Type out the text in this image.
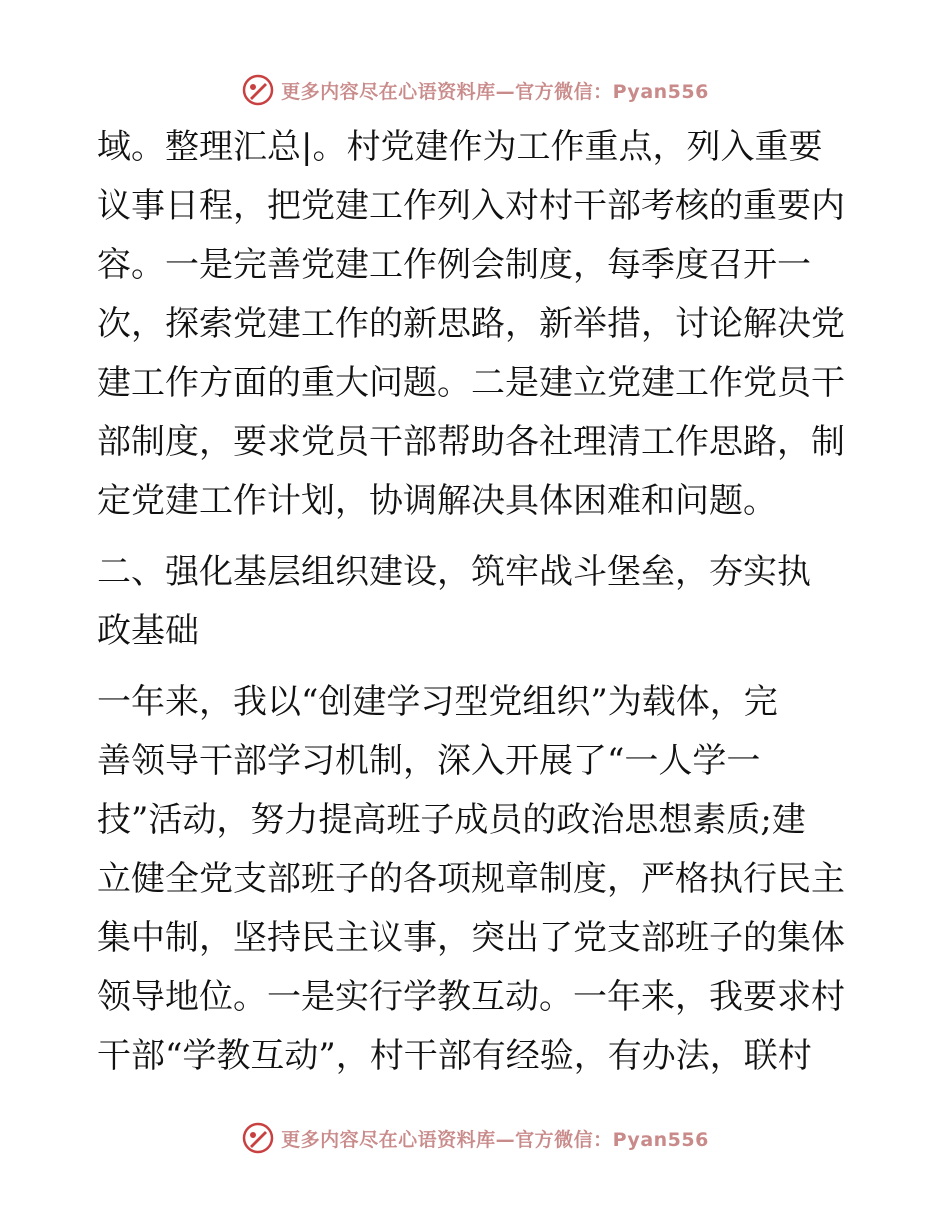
更多内容尽在心语资料库—官方微信：Pyan556

域。整理汇总|。村党建作为工作重点，列入重要
议事日程，把党建工作列入对村干部考核的重要内
容。一是完善党建工作例会制度，每季度召开一
次，探索党建工作的新思路，新举措，讨论解决党
建工作方面的重大问题。二是建立党建工作党员干
部制度，要求党员干部帮助各社理清工作思路，制
定党建工作计划，协调解决具体困难和问题。

二、强化基层组织建设，筑牢战斗堡垒，夯实执
政基础

一年来，我以“创建学习型党组织”为载体，完
善领导干部学习机制，深入开展了“一人学一
技”活动，努力提高班子成员的政治思想素质;建
立健全党支部班子的各项规章制度，严格执行民主
集中制，坚持民主议事，突出了党支部班子的集体
领导地位。一是实行学教互动。一年来，我要求村
干部“学教互动”，村干部有经验，有办法，联村

更多内容尽在心语资料库—官方微信：Pyan556
